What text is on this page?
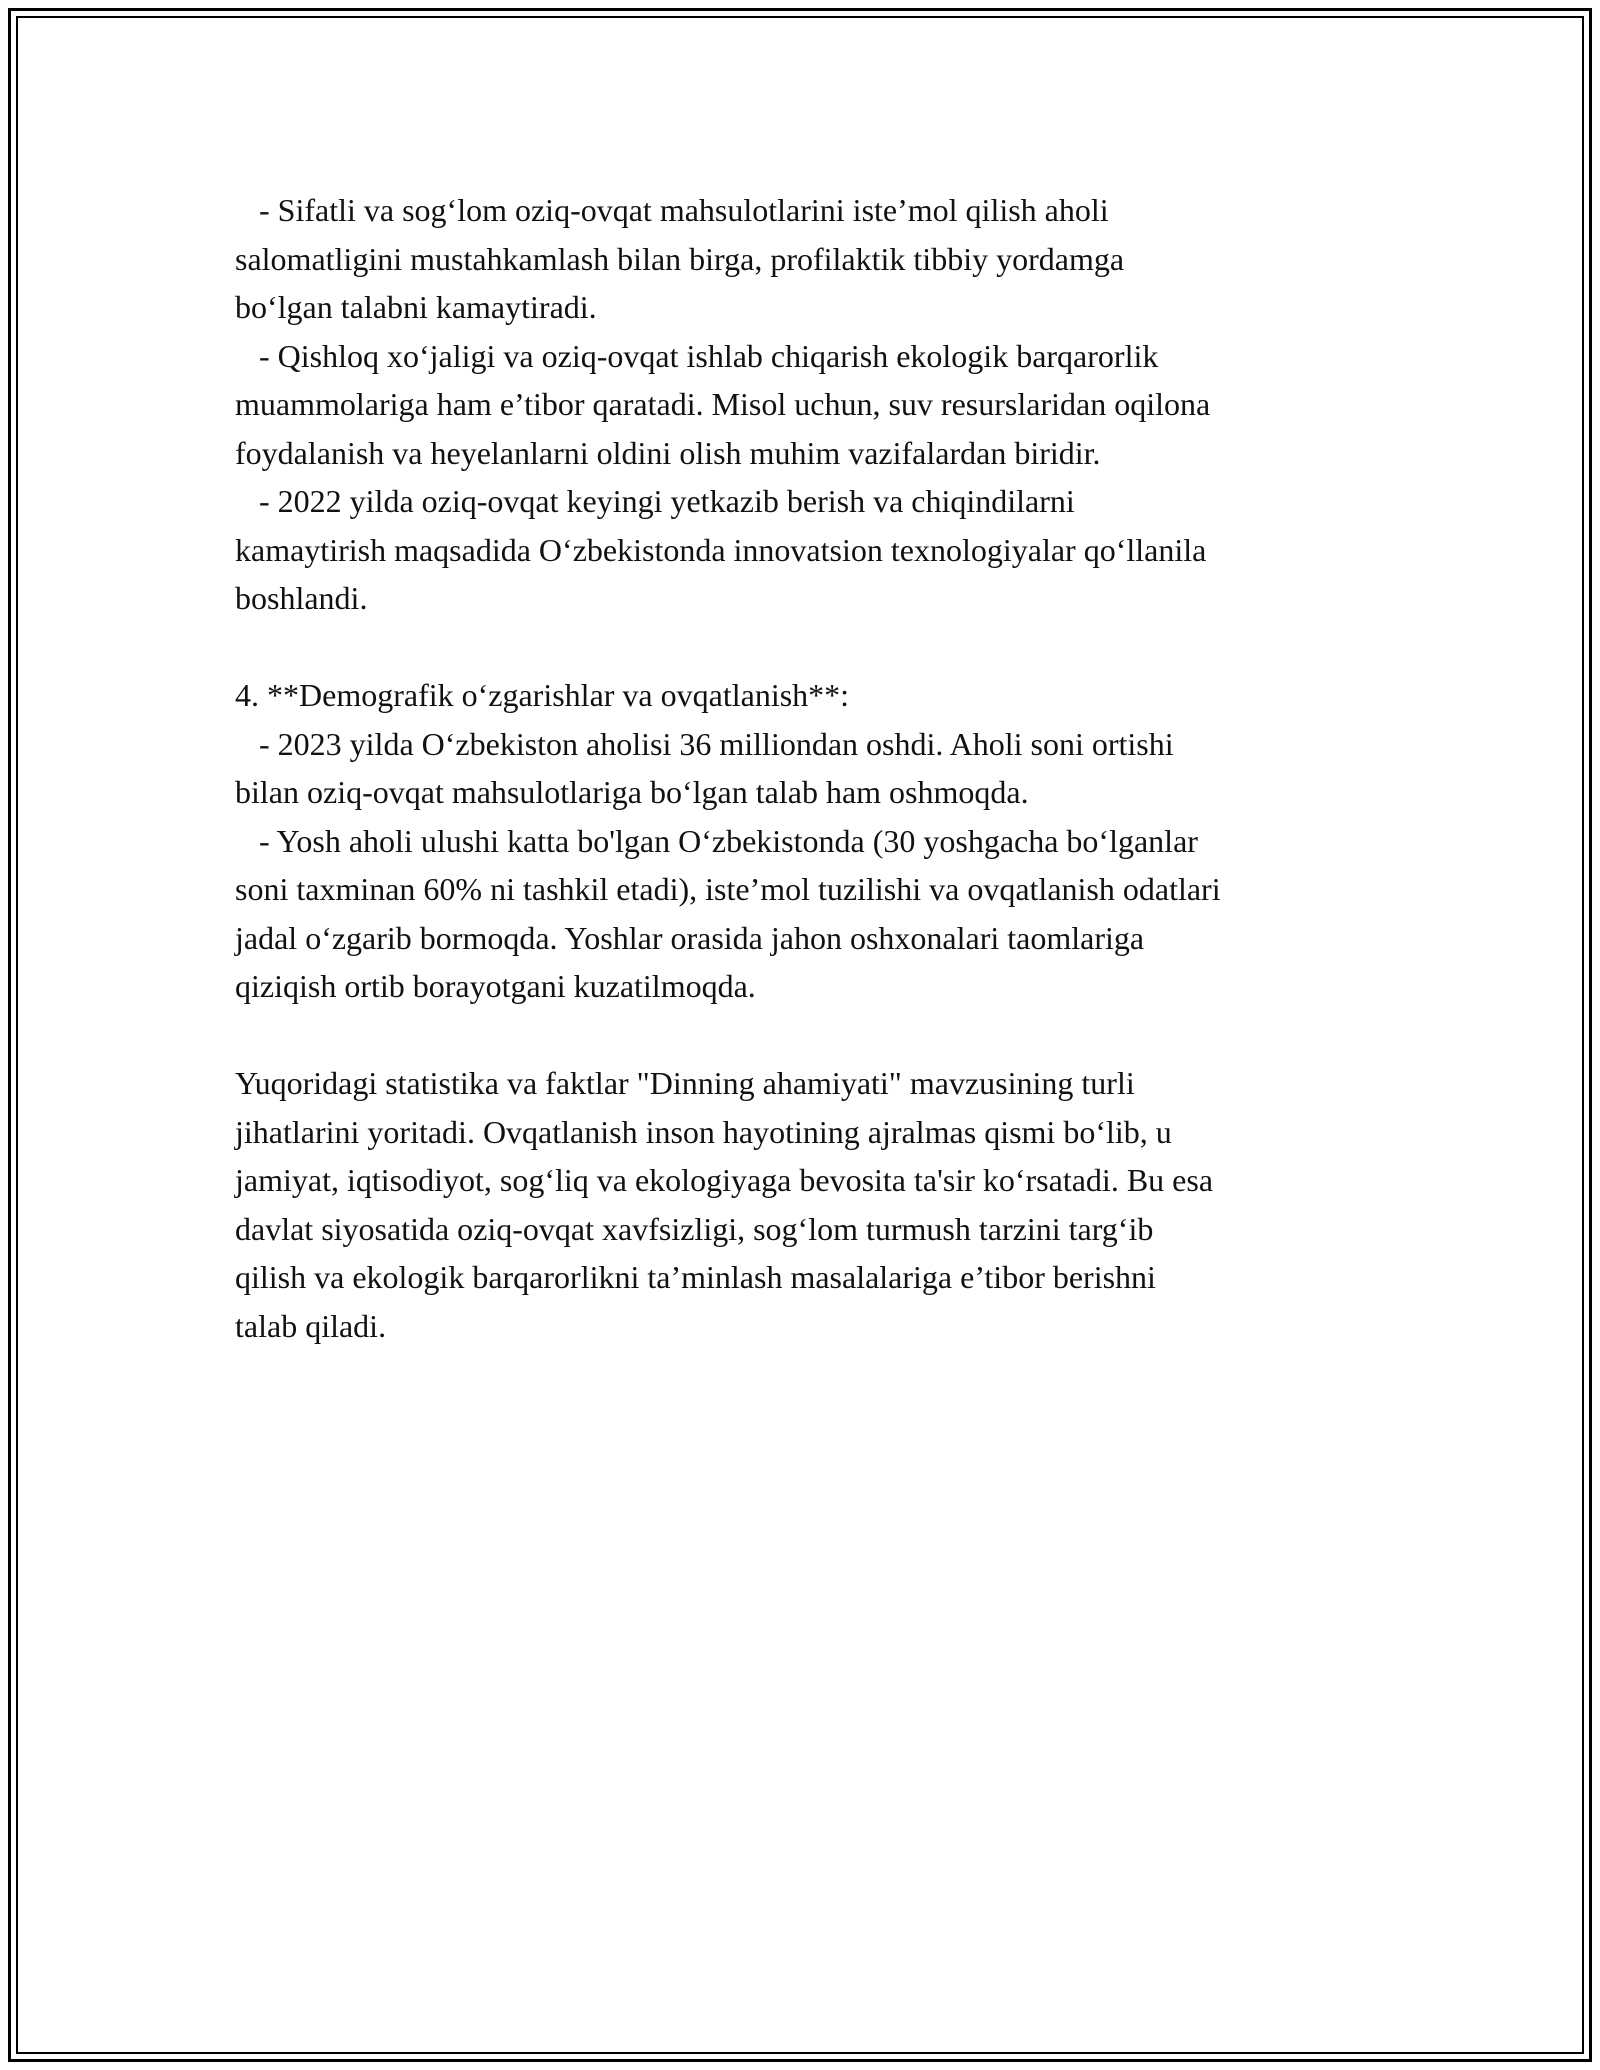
- Sifatli va sog‘lom oziq-ovqat mahsulotlarini iste’mol qilish aholi
salomatligini mustahkamlash bilan birga, profilaktik tibbiy yordamga
bo‘lgan talabni kamaytiradi.
- Qishloq xo‘jaligi va oziq-ovqat ishlab chiqarish ekologik barqarorlik
muammolariga ham e’tibor qaratadi. Misol uchun, suv resurslaridan oqilona
foydalanish va heyelanlarni oldini olish muhim vazifalardan biridir.
- 2022 yilda oziq-ovqat keyingi yetkazib berish va chiqindilarni
kamaytirish maqsadida O‘zbekistonda innovatsion texnologiyalar qo‘llanila
boshlandi.
4. **Demografik o‘zgarishlar va ovqatlanish**:
- 2023 yilda O‘zbekiston aholisi 36 milliondan oshdi. Aholi soni ortishi
bilan oziq-ovqat mahsulotlariga bo‘lgan talab ham oshmoqda.
- Yosh aholi ulushi katta bo'lgan O‘zbekistonda (30 yoshgacha bo‘lganlar
soni taxminan 60% ni tashkil etadi), iste’mol tuzilishi va ovqatlanish odatlari
jadal o‘zgarib bormoqda. Yoshlar orasida jahon oshxonalari taomlariga
qiziqish ortib borayotgani kuzatilmoqda.
Yuqoridagi statistika va faktlar "Dinning ahamiyati" mavzusining turli
jihatlarini yoritadi. Ovqatlanish inson hayotining ajralmas qismi bo‘lib, u
jamiyat, iqtisodiyot, sog‘liq va ekologiyaga bevosita ta'sir ko‘rsatadi. Bu esa
davlat siyosatida oziq-ovqat xavfsizligi, sog‘lom turmush tarzini targ‘ib
qilish va ekologik barqarorlikni ta’minlash masalalariga e’tibor berishni
talab qiladi.
